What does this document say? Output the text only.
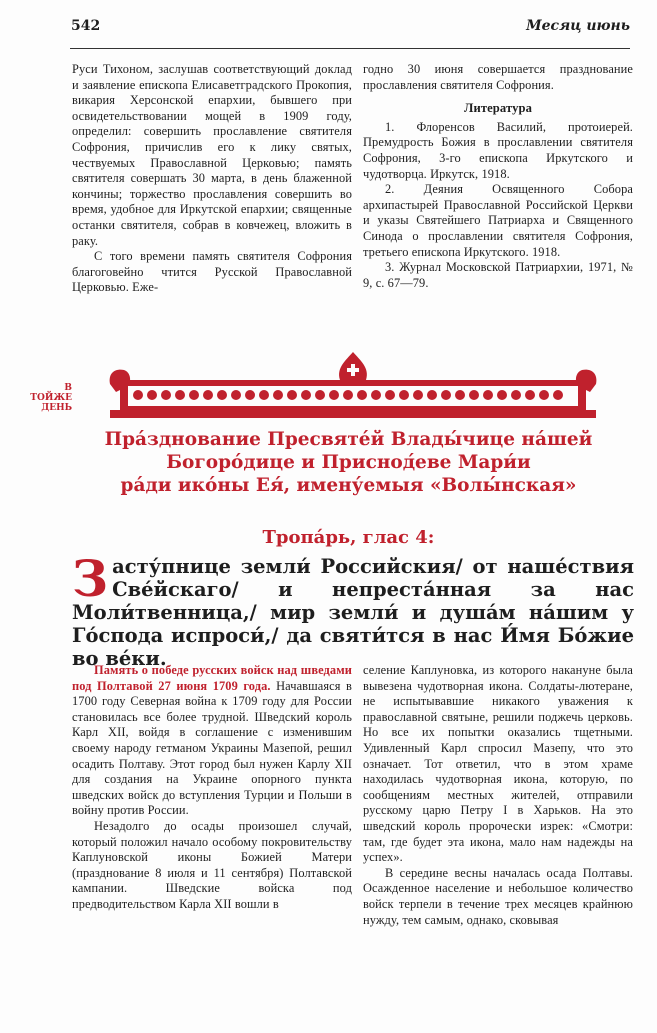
542	Месяц июнь

Руси Тихоном, заслушав соответствующий доклад и заявление епископа Елисаветградского Прокопия, викария Херсонской епархии, бывшего при освидетельствовании мощей в 1909 году, определил: совершить прославление святителя Софрония, причислив его к лику святых, чествуемых Православной Церковью; память святителя совершать 30 марта, в день блаженной кончины; торжество прославления совершить во время, удобное для Иркутской епархии; священные останки святителя, собрав в ковчежец, вложить в раку.

С того времени память святителя Софрония благоговейно чтится Русской Православной Церковью. Еже-

годно 30 июня совершается празднование прославления святителя Софрония.

Литература

1. Флоренсов Василий, протоиерей. Премудрость Божия в прославлении святителя Софрония, 3-го епископа Иркутского и чудотворца. Иркутск, 1918.

2. Деяния Освященного Собора архипастырей Православной Российской Церкви и указы Святейшего Патриарха и Священного Синода о прославлении святителя Софрония, третьего епископа Иркутского. 1918.

3. Журнал Московской Патриархии, 1971, № 9, с. 67—79.

В
ТОЙЖЕ
ДЕНЬ
Пра́зднование Пресвяте́й Влады́чице на́шей
Богоро́дице и Приснод́еве Мари́и
ра́ди ико́ны Ея́, имену́емыя «Волы́нская»
Тропа́рь, глас 4:
З асту́пнице земли́ Российския/ от наше́ствия Све́йскаго/ и непреста́нная за нас Моли́твенница,/ мир земли́ и душа́м на́шим у Го́спода испроси́,/ да святи́тся в нас И́мя Бо́жие во ве́ки.

Память о победе русских войск над шведами под Полтавой 27 июня 1709 года. Начавшаяся в 1700 году Северная война к 1709 году для России становилась все более трудной. Шведский король Карл XII, войдя в соглашение с изменившим своему народу гетманом Украины Мазепой, решил осадить Полтаву. Этот город был нужен Карлу XII для создания на Украине опорного пункта шведских войск до вступления Турции и Польши в войну против России.

Незадолго до осады произошел случай, который положил начало особому покровительству Каплуновской иконы Божией Матери (празднование 8 июля и 11 сентября) Полтавской кампании. Шведские войска под предводительством Карла XII вошли в

селение Каплуновка, из которого накануне была вывезена чудотворная икона. Солдаты-лютеране, не испытывавшие никакого уважения к православной святыне, решили поджечь церковь. Но все их попытки оказались тщетными. Удивленный Карл спросил Мазепу, что это означает. Тот ответил, что в этом храме находилась чудотворная икона, которую, по сообщениям местных жителей, отправили русскому царю Петру I в Харьков. На это шведский король пророчески изрек: «Смотри: там, где будет эта икона, мало нам надежды на успех».

В середине весны началась осада Полтавы. Осажденное население и небольшое количество войск терпели в течение трех месяцев крайнюю нужду, тем самым, однако, сковывая
